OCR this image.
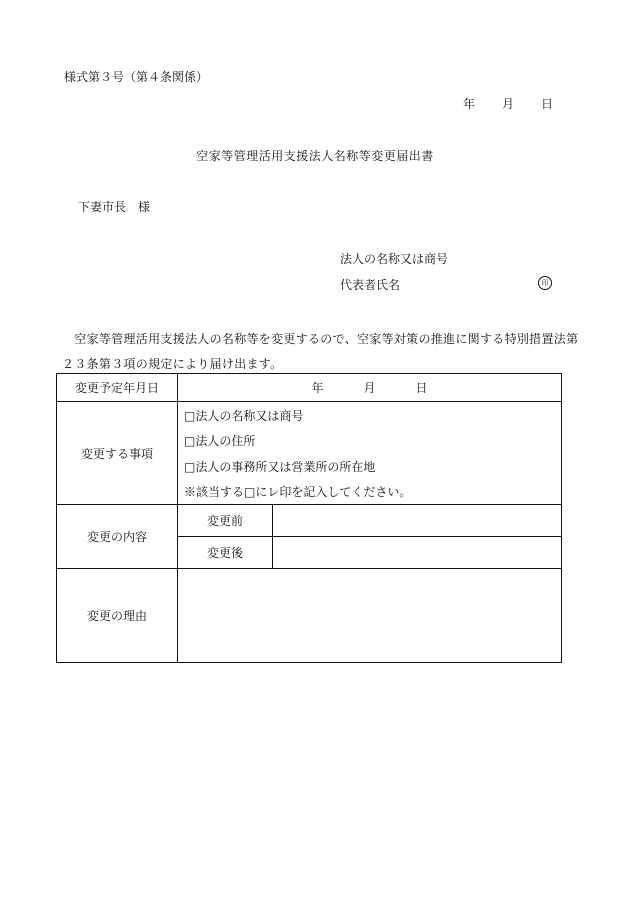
様式第３号（第４条関係）
年 月 日
空家等管理活用支援法人名称等変更届出書
下妻市長　様
法人の名称又は商号
代表者氏名	印
　空家等管理活用支援法人の名称等を変更するので、空家等対策の推進に関する特別措置法第２３条第３項の規定により届け出ます。
変更予定年月日	年	月	日
変更する事項
□法人の名称又は商号
□法人の住所
□法人の事務所又は営業所の所在地
※該当する□にレ印を記入してください。
変更の内容
変更前
変更後
変更の理由
